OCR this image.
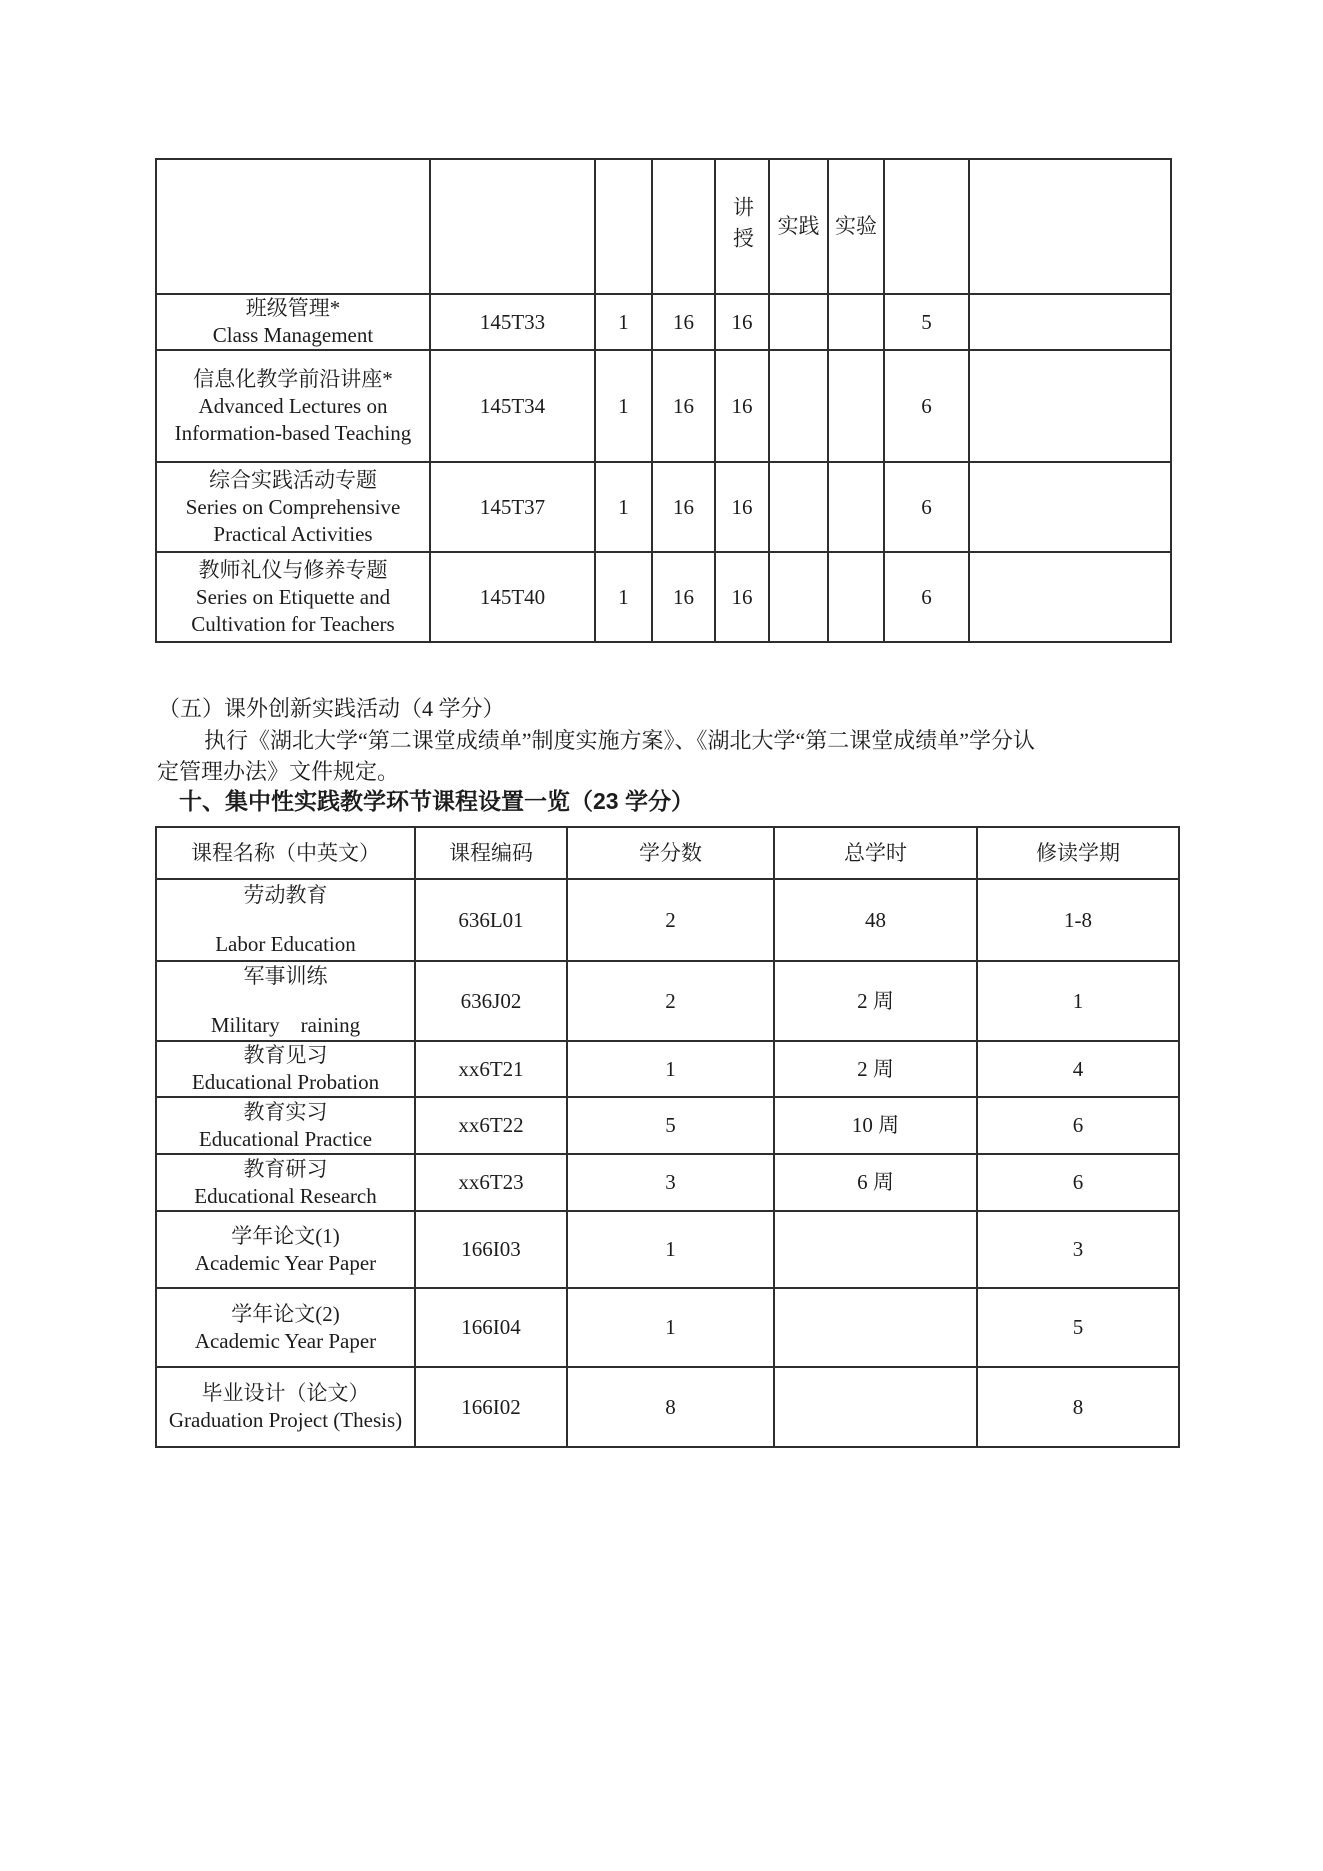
				讲授	实践	实验		

班级管理*
Class Management	145T33	1	16	16			5	

信息化教学前沿讲座*
Advanced Lectures on Information-based Teaching	145T34	1	16	16			6	

综合实践活动专题
Series on Comprehensive Practical Activities	145T37	1	16	16			6	

教师礼仪与修养专题
Series on Etiquette and Cultivation for Teachers	145T40	1	16	16			6	
（五）课外创新实践活动（4 学分）
执行《湖北大学“第二课堂成绩单”制度实施方案》、《湖北大学“第二课堂成绩单”学分认
定管理办法》文件规定。
十、集中性实践教学环节课程设置一览（23 学分）
课程名称（中英文）	课程编码	学分数	总学时	修读学期

劳动教育
Labor Education	636L01	2	48	1-8

军事训练
Military　raining	636J02	2	2 周	1

教育见习
Educational Probation	xx6T21	1	2 周	4

教育实习
Educational Practice	xx6T22	5	10 周	6

教育研习
Educational Research	xx6T23	3	6 周	6

学年论文(1)
Academic Year Paper	166I03	1		3

学年论文(2)
Academic Year Paper	166I04	1		5

毕业设计（论文）
Graduation Project (Thesis)	166I02	8		8
